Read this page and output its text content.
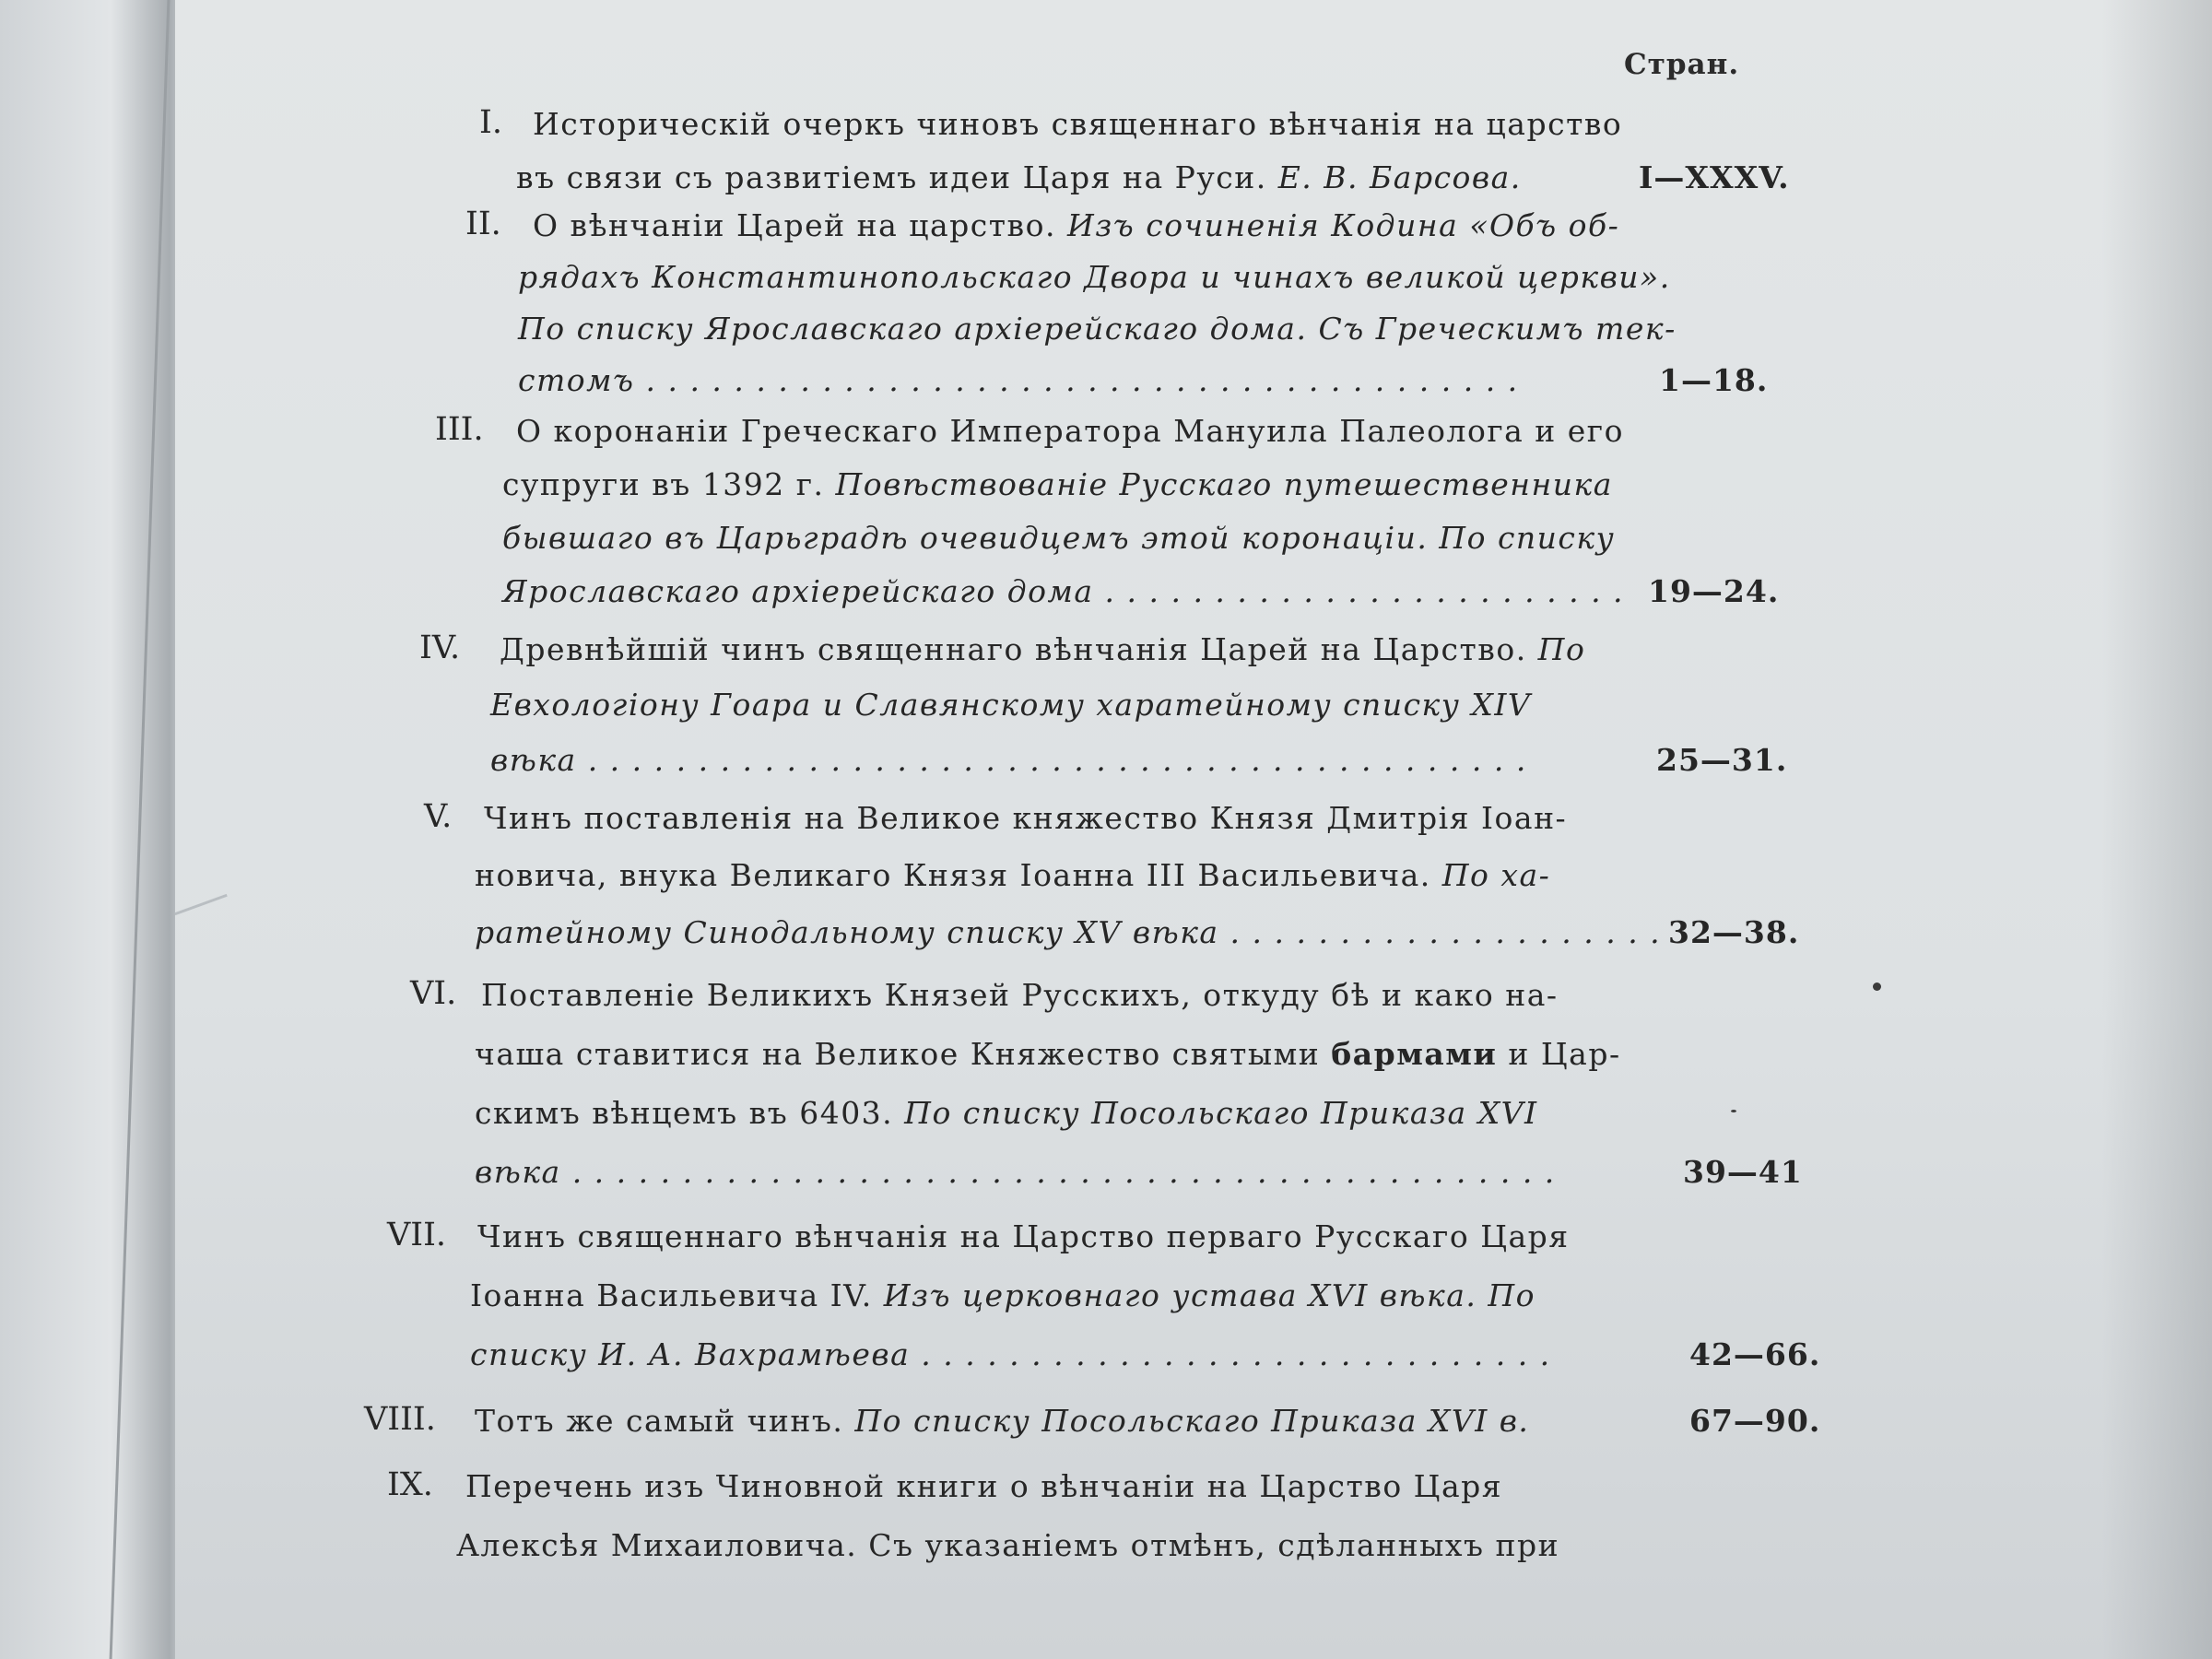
Стран.
I. Историческій очеркъ чиновъ священнаго вѣнчанія на царство
въ связи съ развитіемъ идеи Царя на Руси. Е. В. Барсова.	I—XXXV.
II. О вѣнчаніи Царей на царство. Изъ сочиненія Кодина «Объ об-
рядахъ Константинопольскаго Двора и чинахъ великой церкви».
По списку Ярославскаго архіерейскаго дома. Съ Греческимъ тек-
стомъ . . . . . . . . . . . . . . . . . . . . . . . . . . . . . . . . . . . . . . . .	1—18.
III. О коронаніи Греческаго Императора Мануила Палеолога и его
супруги въ 1392 г. Повѣствованіе Русскаго путешественника
бывшаго въ Царьградѣ очевидцемъ этой коронаціи. По списку
Ярославскаго архіерейскаго дома . . . . . . . . . . . . . . . . . . . . . . . . 19—24.
IV. Древнѣйшій чинъ священнаго вѣнчанія Царей на Царство. По
Евхологіону Гоара и Славянскому харатейному списку XIV
вѣка . . . . . . . . . . . . . . . . . . . . . . . . . . . . . . . . . . . . . . . . . . .	25—31.
V. Чинъ поставленія на Великое княжество Князя Дмитрія Іоан-
новича, внука Великаго Князя Іоанна III Васильевича. По ха-
ратейному Синодальному списку XV вѣка . . . . . . . . . . . . . . . . . . . . 32—38.
VI. Поставленіе Великихъ Князей Русскихъ, откуду бѣ и како на-
чаша ставитися на Великое Княжество святыми бармами и Цар-
скимъ вѣнцемъ въ 6403. По списку Посольскаго Приказа XVI
вѣка . . . . . . . . . . . . . . . . . . . . . . . . . . . . . . . . . . . . . . . . . . . . .	39—41
VII. Чинъ священнаго вѣнчанія на Царство перваго Русскаго Царя
Іоанна Васильевича IV. Изъ церковнаго устава XVI вѣка. По
списку И. А. Вахрамѣева . . . . . . . . . . . . . . . . . . . . . . . . . . . . .	42—66.
VIII. Тотъ же самый чинъ. По списку Посольскаго Приказа XVI в.	67—90.
IX. Перечень изъ Чиновной книги о вѣнчаніи на Царство Царя
Алексѣя Михаиловича. Съ указаніемъ отмѣнъ, сдѣланныхъ при
